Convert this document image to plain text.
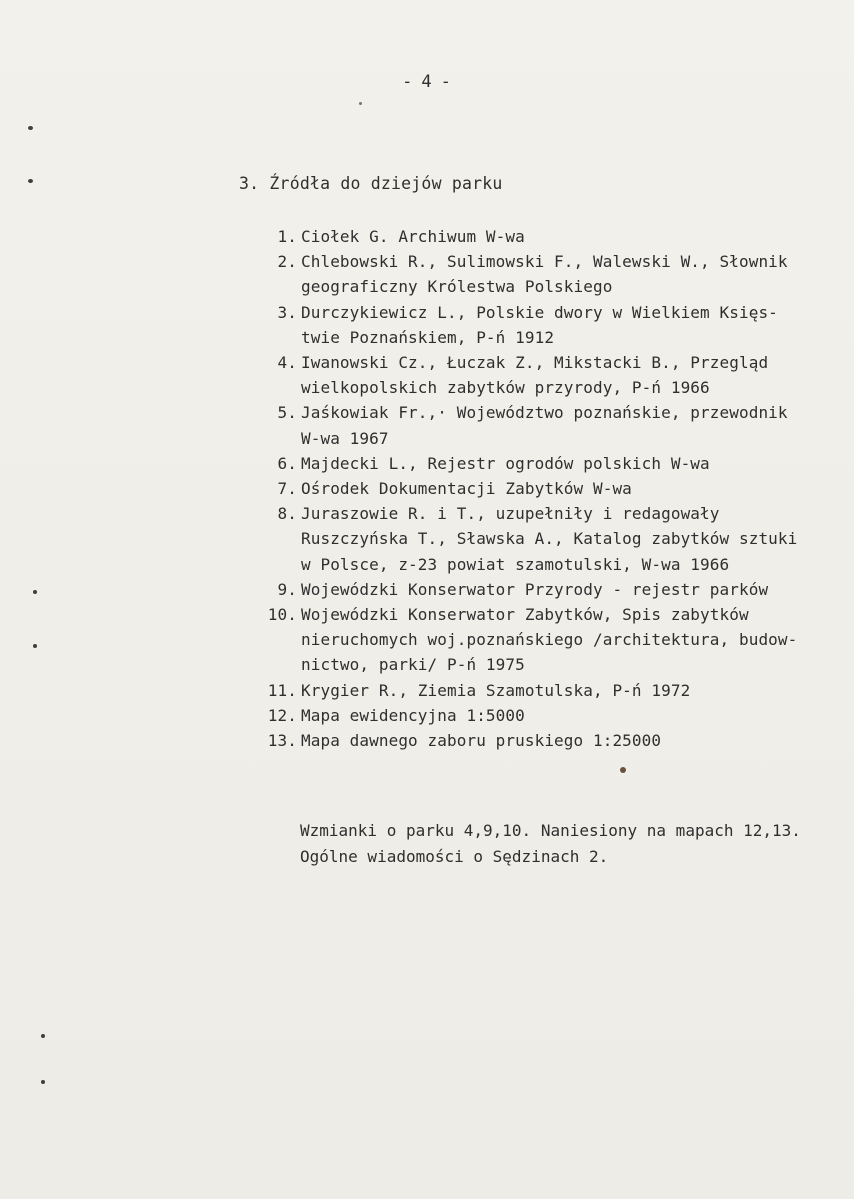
- 4 -
3. Źródła do dziejów parku
1. Ciołek G. Archiwum W-wa
2. Chlebowski R., Sulimowski F., Walewski W., Słownik
geograficzny Królestwa Polskiego
3. Durczykiewicz L., Polskie dwory w Wielkiem Księs-
twie Poznańskiem, P-ń 1912
4. Iwanowski Cz., Łuczak Z., Mikstacki B., Przegląd
wielkopolskich zabytków przyrody, P-ń 1966
5. Jaśkowiak Fr.,· Województwo poznańskie, przewodnik
W-wa 1967
6. Majdecki L., Rejestr ogrodów polskich W-wa
7. Ośrodek Dokumentacji Zabytków W-wa
8. Juraszowie R. i T., uzupełniły i redagowały
Ruszczyńska T., Sławska A., Katalog zabytków sztuki
w Polsce, z-23 powiat szamotulski, W-wa 1966
9. Wojewódzki Konserwator Przyrody - rejestr parków
10. Wojewódzki Konserwator Zabytków, Spis zabytków
nieruchomych woj.poznańskiego /architektura, budow-
nictwo, parki/ P-ń 1975
11. Krygier R., Ziemia Szamotulska, P-ń 1972
12. Mapa ewidencyjna 1:5000
13. Mapa dawnego zaboru pruskiego 1:25000
Wzmianki o parku 4,9,10. Naniesiony na mapach 12,13.
Ogólne wiadomości o Sędzinach 2.
